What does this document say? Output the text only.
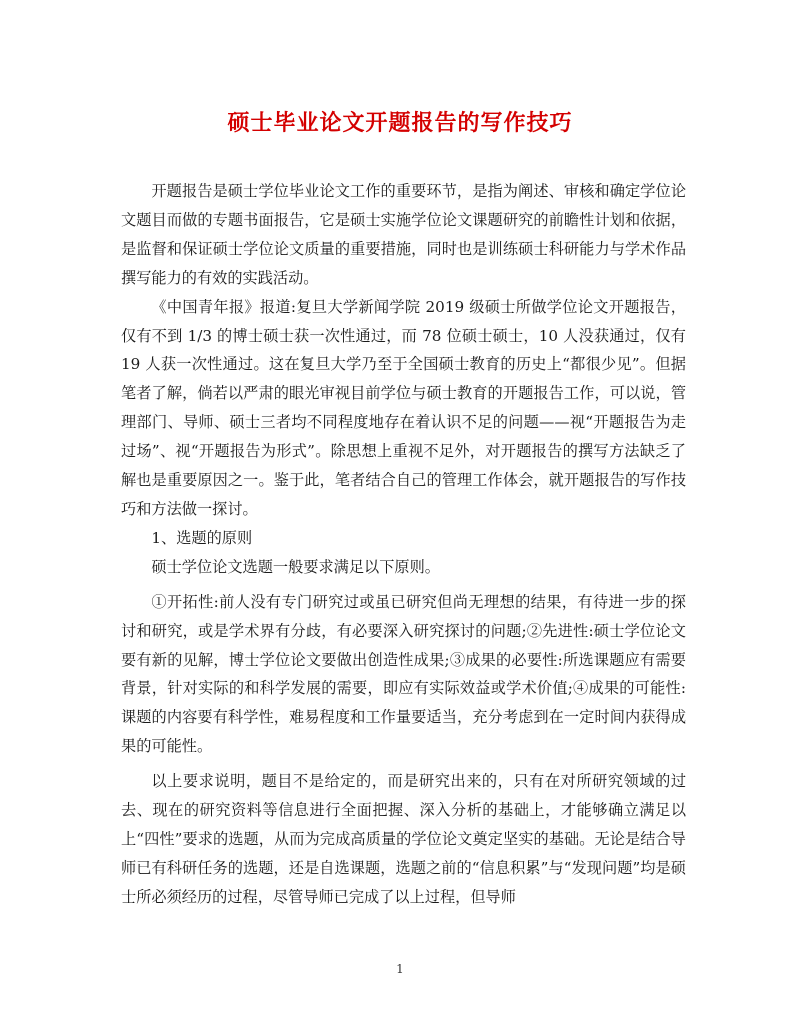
硕士毕业论文开题报告的写作技巧

开题报告是硕士学位毕业论文工作的重要环节，是指为阐述、审核和确定学位论文题目而做的专题书面报告，它是硕士实施学位论文课题研究的前瞻性计划和依据，是监督和保证硕士学位论文质量的重要措施，同时也是训练硕士科研能力与学术作品撰写能力的有效的实践活动。

《中国青年报》报道:复旦大学新闻学院 2019 级硕士所做学位论文开题报告，仅有不到 1/3 的博士硕士获一次性通过，而 78 位硕士硕士，10 人没获通过，仅有 19 人获一次性通过。这在复旦大学乃至于全国硕士教育的历史上“都很少见”。但据笔者了解，倘若以严肃的眼光审视目前学位与硕士教育的开题报告工作，可以说，管理部门、导师、硕士三者均不同程度地存在着认识不足的问题——视“开题报告为走过场”、视“开题报告为形式”。除思想上重视不足外，对开题报告的撰写方法缺乏了解也是重要原因之一。鉴于此，笔者结合自己的管理工作体会，就开题报告的写作技巧和方法做一探讨。

1、选题的原则

硕士学位论文选题一般要求满足以下原则。

①开拓性:前人没有专门研究过或虽已研究但尚无理想的结果，有待进一步的探讨和研究，或是学术界有分歧，有必要深入研究探讨的问题;②先进性:硕士学位论文要有新的见解，博士学位论文要做出创造性成果;③成果的必要性:所选课题应有需要背景，针对实际的和科学发展的需要，即应有实际效益或学术价值;④成果的可能性:课题的内容要有科学性，难易程度和工作量要适当，充分考虑到在一定时间内获得成果的可能性。

以上要求说明，题目不是给定的，而是研究出来的，只有在对所研究领域的过去、现在的研究资料等信息进行全面把握、深入分析的基础上，才能够确立满足以上“四性”要求的选题，从而为完成高质量的学位论文奠定坚实的基础。无论是结合导师已有科研任务的选题，还是自选课题，选题之前的“信息积累”与“发现问题”均是硕士所必须经历的过程，尽管导师已完成了以上过程，但导师

1
